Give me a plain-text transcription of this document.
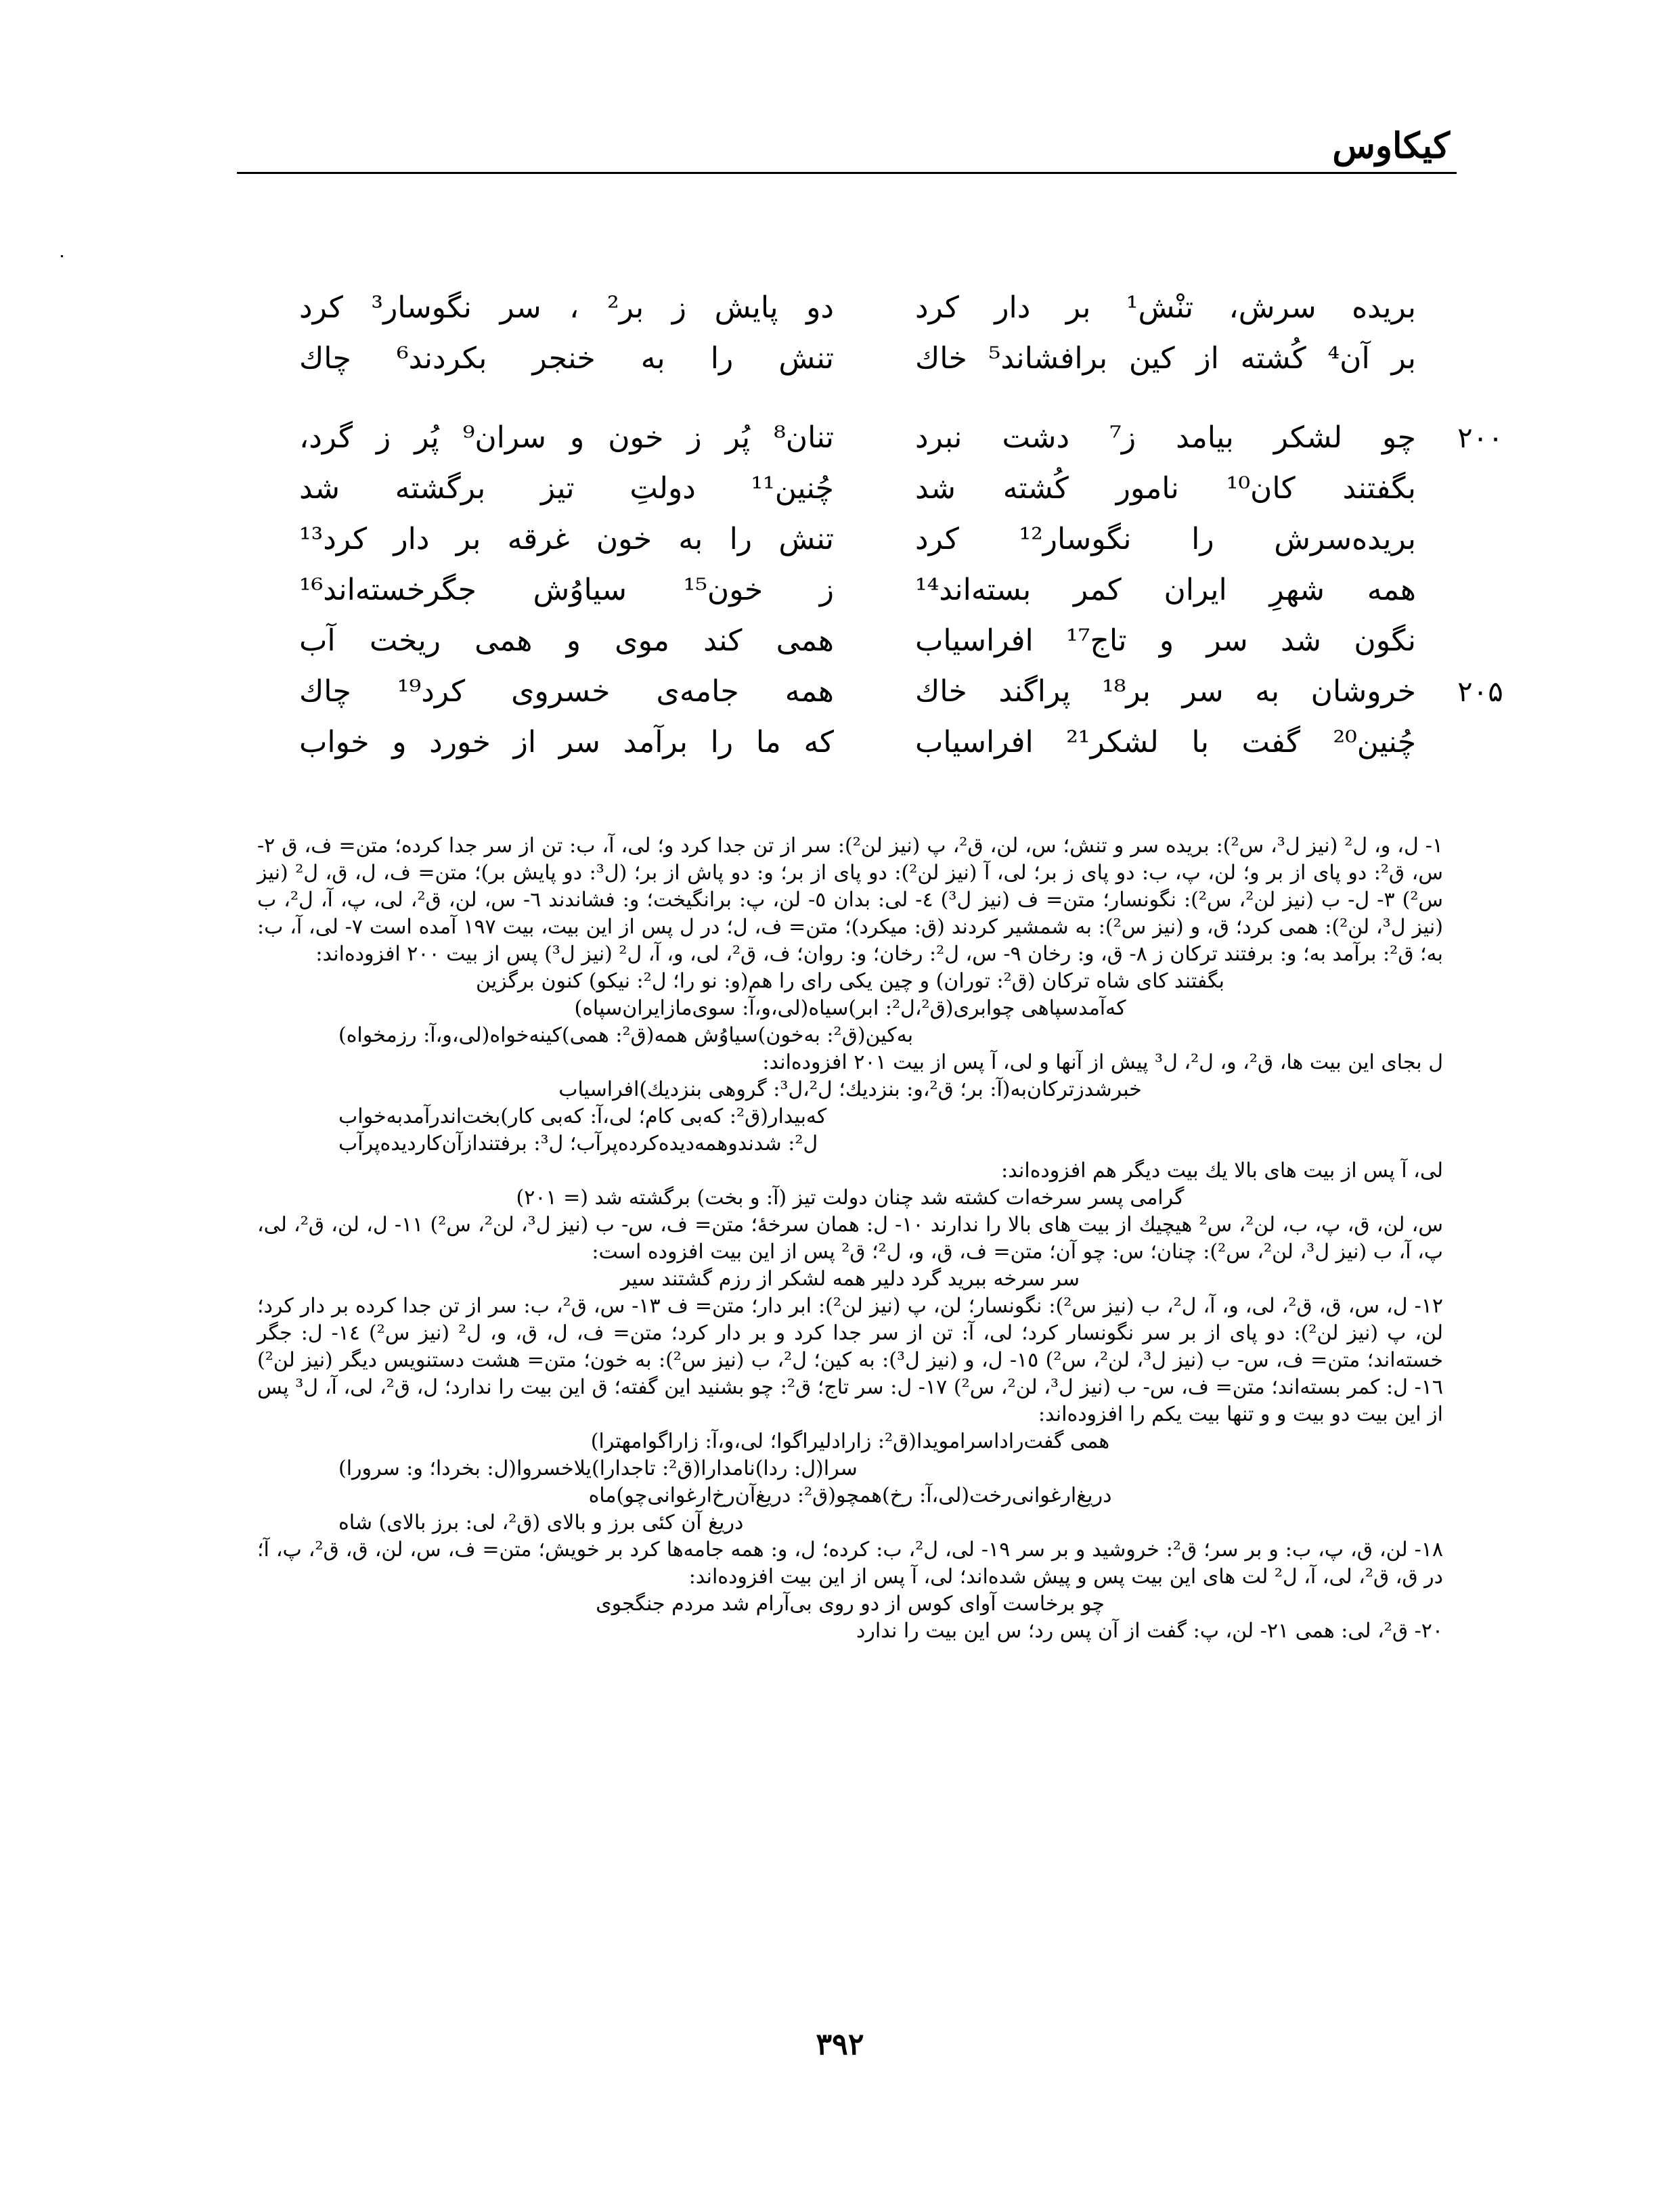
کیکاوس
بریده سرش، تنْش¹ بر دار کرد
دو پایش ز بر² ، سر نگوسار³ کرد
بر آن⁴ کُشته از کین برافشاند⁵ خاك
تنش را به خنجر بکردند⁶ چاك
۲۰۰
چو لشکر بیامد ز⁷ دشت نبرد
تنان⁸ پُر ز خون و سران⁹ پُر ز گرد،
بگفتند کان¹⁰ نامور کُشته شد
چُنین¹¹ دولتِ تیز برگشته شد
بریده‌سرش را نگوسار¹² کرد
تنش را به خون غرقه بر دار کرد¹³
همه شهرِ ایران کمر بسته‌اند¹⁴
ز خون¹⁵ سیاوُش جگرخسته‌اند¹⁶
نگون شد سر و تاج¹⁷ افراسیاب
همی کند موی و همی ریخت آب
۲۰۵
خروشان به سر بر¹⁸ پراگند خاك
همه جامه‌ی خسروی کرد¹⁹ چاك
چُنین²⁰ گفت با لشکر²¹ افراسیاب
که ما را برآمد سر از خورد و خواب
۱- ل، و، ل² (نیز ل³، س²): بریده سر و تنش؛ س، لن، ق²، پ (نیز لن²): سر از تن جدا کرد و؛ لی، آ، ب: تن از سر جدا کرده؛ متن= ف، ق ۲- س، ق²: دو پای از بر و؛ لن، پ، ب: دو پای ز بر؛ لی، آ (نیز لن²): دو پای از بر؛ و: دو پاش از بر؛ (ل³: دو پایش بر)؛ متن= ف، ل، ق، ل² (نیز س²) ۳- ل- ب (نیز لن²، س²): نگونسار؛ متن= ف (نیز ل³) ٤- لی: بدان ٥- لن، پ: برانگیخت؛ و: فشاندند ٦- س، لن، ق²، لی، پ، آ، ل²، ب (نیز ل³، لن²): همی کرد؛ ق، و (نیز س²): به شمشیر کردند (ق: میکرد)؛ متن= ف، ل؛ در ل پس از این بیت، بیت ۱۹۷ آمده است ۷- لی، آ، ب: به؛ ق²: برآمد به؛ و: برفتند ترکان ز ۸- ق، و: رخان ۹- س، ل²: رخان؛ و: روان؛ ف، ق²، لی، و، آ، ل² (نیز ل³) پس از بیت ۲۰۰ افزوده‌اند:
بگفتند کای شاه ترکان (ق²: توران) و چین یکی رای را هم(و: نو را؛ ل²: نیکو) کنون برگزین
که‌آمدسپاهی چوابری(ق²،ل²: ابر)سیاه(لی،و،آ: سوی‌مازایران‌سپاه)
به‌کین(ق²: به‌خون)سیاوُش همه(ق²: همی)کینه‌خواه(لی،و،آ: رزمخواه)
ل بجای این بیت ها، ق²، و، ل²، ل³ پیش از آنها و لی، آ پس از بیت ۲۰۱ افزوده‌اند:
خبرشدزترکان‌به(آ: بر؛ ق²،و: بنزدیك؛ ل²،ل³: گروهی بنزدیك)افراسیاب
که‌بیدار(ق²: که‌بی کام؛ لی،آ: که‌بی کار)بخت‌اندرآمدبه‌خواب
ل²: شدندوهمه‌دیده‌کرده‌پرآب؛ ل³: برفتندازآن‌کاردیده‌پرآب
لی، آ پس از بیت های بالا یك بیت دیگر هم افزوده‌اند:
گرامی پسر سرخه‌ات کشته شد چنان دولت تیز (آ: و بخت) برگشته شد (= ۲۰۱)
س، لن، ق، پ، ب، لن²، س² هیچیك از بیت های بالا را ندارند ۱۰- ل: همان سرخهٔ؛ متن= ف، س- ب (نیز ل³، لن²، س²) ۱۱- ل، لن، ق²، لی، پ، آ، ب (نیز ل³، لن²، س²): چنان؛ س: چو آن؛ متن= ف، ق، و، ل²؛ ق² پس از این بیت افزوده است:
سر سرخه ببرید گرد دلیر همه لشکر از رزم گشتند سیر
۱۲- ل، س، ق، ق²، لی، و، آ، ل²، ب (نیز س²): نگونسار؛ لن، پ (نیز لن²): ابر دار؛ متن= ف ۱۳- س، ق²، ب: سر از تن جدا کرده بر دار کرد؛ لن، پ (نیز لن²): دو پای از بر سر نگونسار کرد؛ لی، آ: تن از سر جدا کرد و بر دار کرد؛ متن= ف، ل، ق، و، ل² (نیز س²) ۱٤- ل: جگر خسته‌اند؛ متن= ف، س- ب (نیز ل³، لن²، س²) ۱٥- ل، و (نیز ل³): به کین؛ ل²، ب (نیز س²): به خون؛ متن= هشت دستنویس دیگر (نیز لن²) ۱٦- ل: کمر بسته‌اند؛ متن= ف، س- ب (نیز ل³، لن²، س²) ۱۷- ل: سر تاج؛ ق²: چو بشنید این گفته؛ ق این بیت را ندارد؛ ل، ق²، لی، آ، ل³ پس از این بیت دو بیت و و تنها بیت یکم را افزوده‌اند:
همی گفت‌رادا‌سرامویدا(ق²: زارادلیراگوا؛ لی،و،آ: زاراگوامهترا)
سرا(ل: ردا)نامدارا(ق²: تاجدارا)یلاخسروا(ل: بخردا؛ و: سرورا)
دریغ‌ارغوانی‌رخت(لی،آ: رخ)همچو(ق²: دریغ‌آن‌رخ‌ارغوانی‌چو)ماه
دریغ آن کئی برز و بالای (ق²، لی: برز بالای) شاه
۱۸- لن، ق، پ، ب: و بر سر؛ ق²: خروشید و بر سر ۱۹- لی، ل²، ب: کرده؛ ل، و: همه جامه‌ها کرد بر خویش؛ متن= ف، س، لن، ق، ق²، پ، آ؛ در ق، ق²، لی، آ، ل² لت های این بیت پس و پیش شده‌اند؛ لی، آ پس از این بیت افزوده‌اند:
چو برخاست آوای کوس از دو روی بی‌آرام شد مردم جنگجوی
۲۰- ق²، لی: همی ۲۱- لن، پ: گفت از آن پس رد؛ س این بیت را ندارد
۳۹۲
